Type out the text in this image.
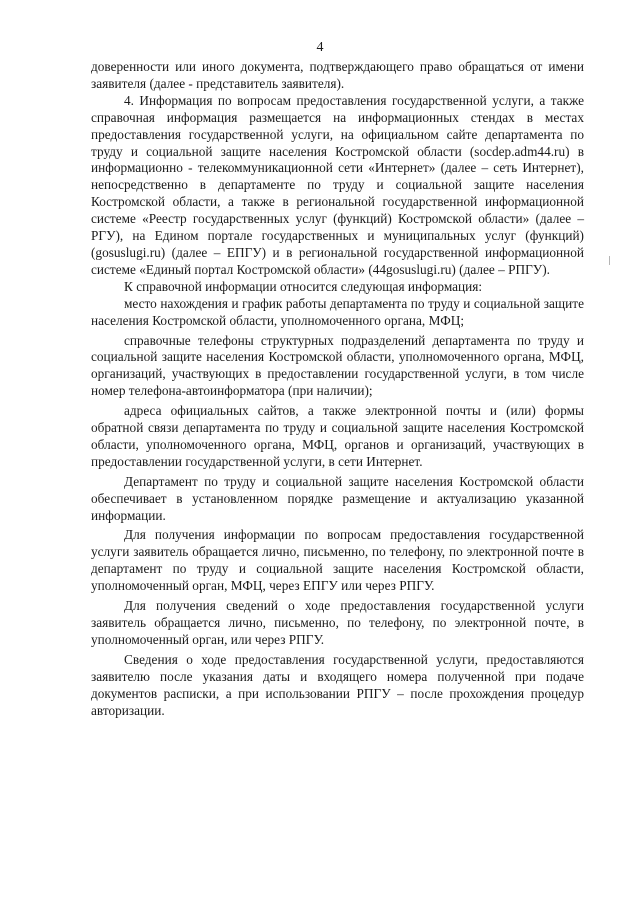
4

доверенности или иного документа, подтверждающего право обращаться от имени заявителя (далее - представитель заявителя).

4. Информация по вопросам предоставления государственной услуги, а также справочная информация размещается на информационных стендах в местах предоставления государственной услуги, на официальном сайте департамента по труду и социальной защите населения Костромской области (socdep.adm44.ru) в информационно - телекоммуникационной сети «Интернет» (далее – сеть Интернет), непосредственно в департаменте по труду и социальной защите населения Костромской области, а также в региональной государственной информационной системе «Реестр государственных услуг (функций) Костромской области» (далее – РГУ), на Едином портале государственных и муниципальных услуг (функций) (gosuslugi.ru) (далее – ЕПГУ) и в региональной государственной информационной системе «Единый портал Костромской области» (44gosuslugi.ru) (далее – РПГУ).

К справочной информации относится следующая информация:

место нахождения и график работы департамента по труду и социальной защите населения Костромской области, уполномоченного органа, МФЦ;

справочные телефоны структурных подразделений департамента по труду и социальной защите населения Костромской области, уполномоченного органа, МФЦ, организаций, участвующих в предоставлении государственной услуги, в том числе номер телефона-автоинформатора (при наличии);

адреса официальных сайтов, а также электронной почты и (или) формы обратной связи департамента по труду и социальной защите населения Костромской области, уполномоченного органа, МФЦ, органов и организаций, участвующих в предоставлении государственной услуги, в сети Интернет.

Департамент по труду и социальной защите населения Костромской области обеспечивает в установленном порядке размещение и актуализацию указанной информации.

Для получения информации по вопросам предоставления государственной услуги заявитель обращается лично, письменно, по телефону, по электронной почте в департамент по труду и социальной защите населения Костромской области, уполномоченный орган, МФЦ, через ЕПГУ или через РПГУ.

Для получения сведений о ходе предоставления государственной услуги заявитель обращается лично, письменно, по телефону, по электронной почте, в уполномоченный орган, или через РПГУ.

Сведения о ходе предоставления государственной услуги, предоставляются заявителю после указания даты и входящего номера полученной при подаче документов расписки, а при использовании РПГУ – после прохождения процедур авторизации.
